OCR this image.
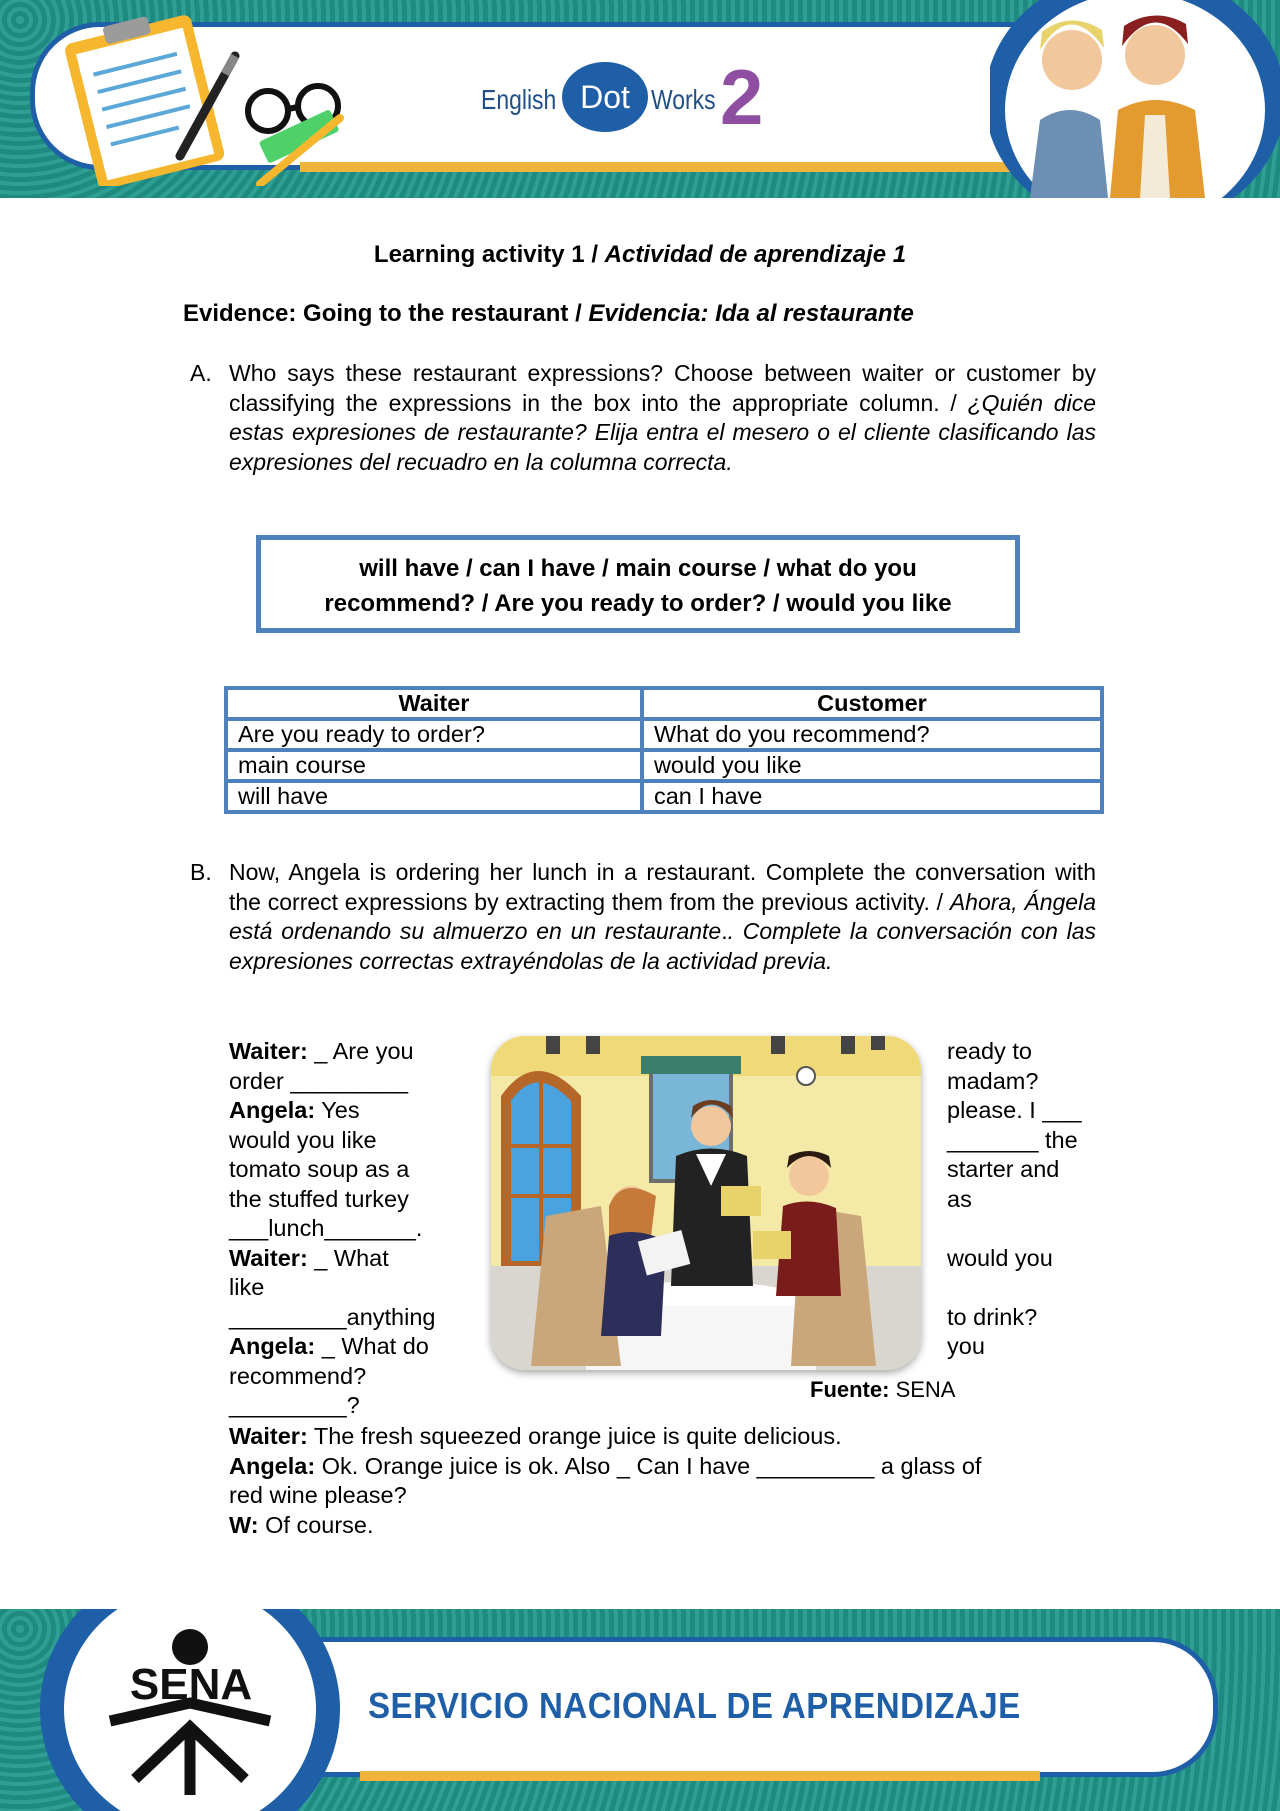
English Dot Works 2
Learning activity 1 / Actividad de aprendizaje 1
Evidence: Going to the restaurant / Evidencia: Ida al restaurante
A. Who says these restaurant expressions? Choose between waiter or customer by classifying the expressions in the box into the appropriate column. / ¿Quién dice estas expresiones de restaurante? Elija entra el mesero o el cliente clasificando las expresiones del recuadro en la columna correcta.
will have / can I have / main course / what do you
recommend? / Are you ready to order? / would you like
Waiter	Customer
Are you ready to order?	What do you recommend?
main course	would you like
will have	can I have
B. Now, Angela is ordering her lunch in a restaurant. Complete the conversation with the correct expressions by extracting them from the previous activity. / Ahora, Ángela está ordenando su almuerzo en un restaurante.. Complete la conversación con las expresiones correctas extrayéndolas de la actividad previa.
Waiter: _ Are you
order _________
Angela: Yes
would you like
tomato soup as a
the stuffed turkey
___lunch_______.
Waiter: _ What
like
_________anything
Angela: _ What do
recommend?
_________?
ready to
madam?
please. I ___
_______ the
starter and
as
would you
to drink?
you
Fuente: SENA
Waiter: The fresh squeezed orange juice is quite delicious.
Angela: Ok. Orange juice is ok. Also _ Can I have _________ a glass of
red wine please?
W: Of course.
SENA	SERVICIO NACIONAL DE APRENDIZAJE
